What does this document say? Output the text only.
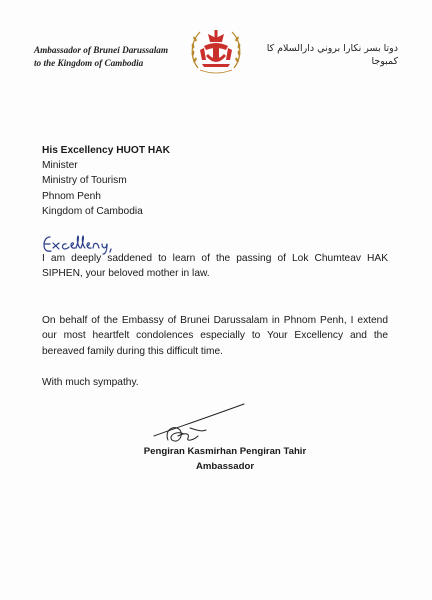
Ambassador of Brunei Darussalam
to the Kingdom of Cambodia
دوتا بسر نكارا بروني دارالسلام كا كمبوجا
His Excellency HUOT HAK
Minister
Ministry of Tourism
Phnom Penh
Kingdom of Cambodia
I am deeply saddened to learn of the passing of Lok Chumteav HAK SIPHEN, your beloved mother in law.
On behalf of the Embassy of Brunei Darussalam in Phnom Penh, I extend our most heartfelt condolences especially to Your Excellency and the bereaved family during this difficult time.
With much sympathy.
Pengiran Kasmirhan Pengiran Tahir
Ambassador
